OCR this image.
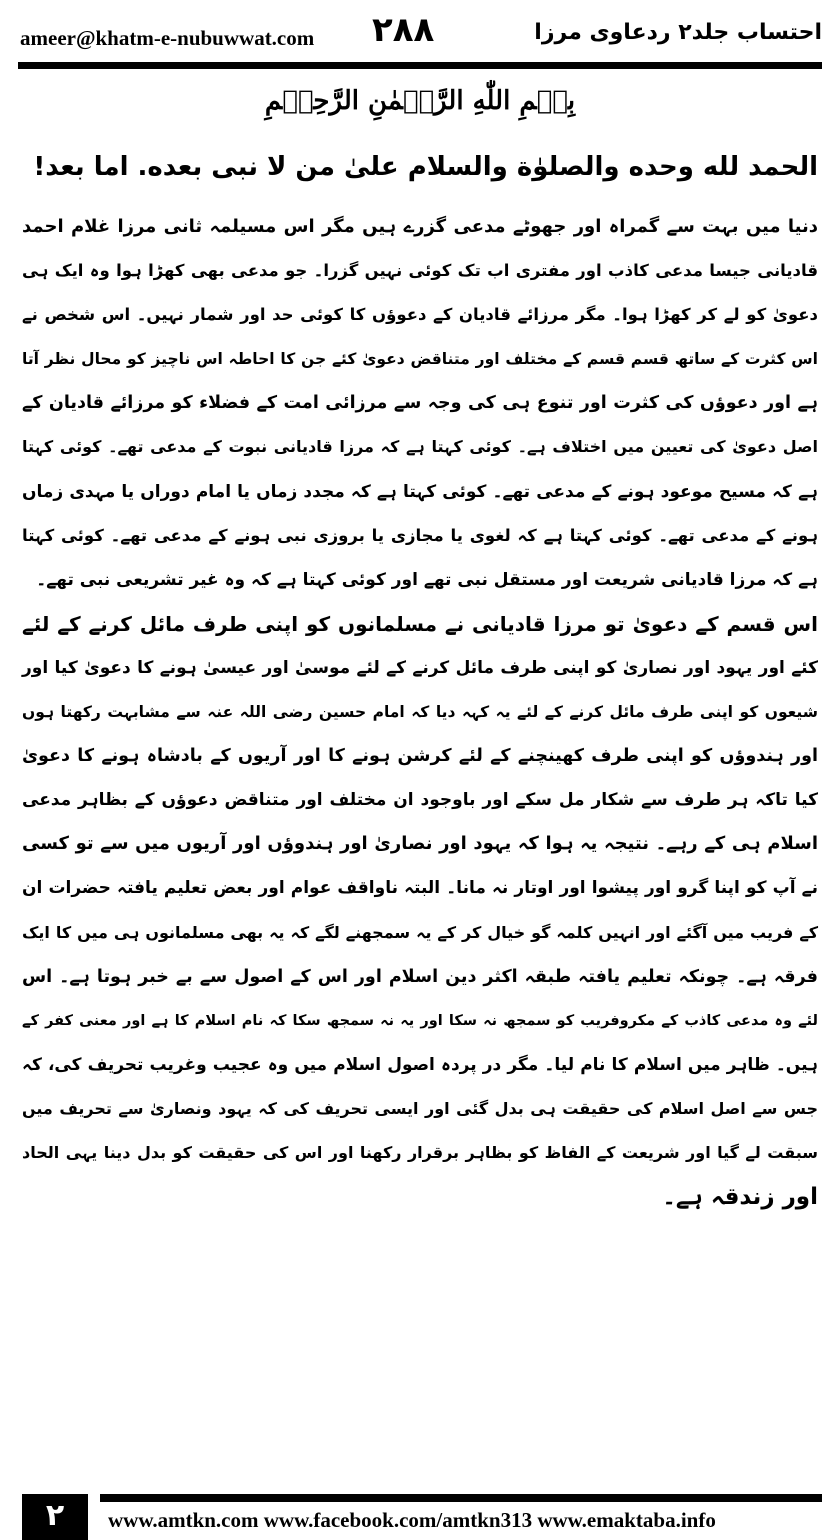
ameer@khatm-e-nubuwwat.com ۲۸۸	احتساب جلد۲ ردعاوی مرزا
بِسۡمِ اللّٰهِ الرَّحۡمٰنِ الرَّحِيۡمِ
الحمد لله وحده والصلوٰة والسلام علیٰ من لا نبی بعده. اما بعد!
دنیا میں بہت سے گمراہ اور جھوٹے مدعی گزرے ہیں مگر اس مسیلمہ ثانی مرزا غلام احمد
قادیانی جیسا مدعی کاذب اور مفتری اب تک کوئی نہیں گزرا۔ جو مدعی بھی کھڑا ہوا وہ ایک ہی
دعویٰ کو لے کر کھڑا ہوا۔ مگر مرزائے قادیان کے دعوؤں کا کوئی حد اور شمار نہیں۔ اس شخص نے
اس کثرت کے ساتھ قسم قسم کے مختلف اور متناقض دعویٰ کئے جن کا احاطہ اس ناچیز کو محال نظر آتا
ہے اور دعوؤں کی کثرت اور تنوع ہی کی وجہ سے مرزائی امت کے فضلاء کو مرزائے قادیان کے
اصل دعویٰ کی تعیین میں اختلاف ہے۔ کوئی کہتا ہے کہ مرزا قادیانی نبوت کے مدعی تھے۔ کوئی کہتا
ہے کہ مسیح موعود ہونے کے مدعی تھے۔ کوئی کہتا ہے کہ مجدد زماں یا امام دوراں یا مہدی زماں
ہونے کے مدعی تھے۔ کوئی کہتا ہے کہ لغوی یا مجازی یا بروزی نبی ہونے کے مدعی تھے۔ کوئی کہتا
ہے کہ مرزا قادیانی شریعت اور مستقل نبی تھے اور کوئی کہتا ہے کہ وہ غیر تشریعی نبی تھے۔
اس قسم کے دعویٰ تو مرزا قادیانی نے مسلمانوں کو اپنی طرف مائل کرنے کے لئے
کئے اور یہود اور نصاریٰ کو اپنی طرف مائل کرنے کے لئے موسیٰ اور عیسیٰ ہونے کا دعویٰ کیا اور
شیعوں کو اپنی طرف مائل کرنے کے لئے یہ کہہ دیا کہ امام حسین رضی اللہ عنہ سے مشابہت رکھتا ہوں
اور ہندوؤں کو اپنی طرف کھینچنے کے لئے کرشن ہونے کا اور آریوں کے بادشاہ ہونے کا دعویٰ
کیا تاکہ ہر طرف سے شکار مل سکے اور باوجود ان مختلف اور متناقض دعوؤں کے بظاہر مدعی
اسلام ہی کے رہے۔ نتیجہ یہ ہوا کہ یہود اور نصاریٰ اور ہندوؤں اور آریوں میں سے تو کسی
نے آپ کو اپنا گرو اور پیشوا اور اوتار نہ مانا۔ البتہ ناواقف عوام اور بعض تعلیم یافتہ حضرات ان
کے فریب میں آگئے اور انہیں کلمہ گو خیال کر کے یہ سمجھنے لگے کہ یہ بھی مسلمانوں ہی میں کا ایک
فرقہ ہے۔ چونکہ تعلیم یافتہ طبقہ اکثر دین اسلام اور اس کے اصول سے بے خبر ہوتا ہے۔ اس
لئے وہ مدعی کاذب کے مکروفریب کو سمجھ نہ سکا اور یہ نہ سمجھ سکا کہ نام اسلام کا ہے اور معنی کفر کے
ہیں۔ ظاہر میں اسلام کا نام لیا۔ مگر در پردہ اصول اسلام میں وہ عجیب وغریب تحریف کی، کہ
جس سے اصل اسلام کی حقیقت ہی بدل گئی اور ایسی تحریف کی کہ یہود ونصاریٰ سے تحریف میں
سبقت لے گیا اور شریعت کے الفاظ کو بظاہر برقرار رکھنا اور اس کی حقیقت کو بدل دینا یہی الحاد
اور زندقہ ہے۔
۲	www.amtkn.com www.facebook.com/amtkn313 www.emaktaba.info
